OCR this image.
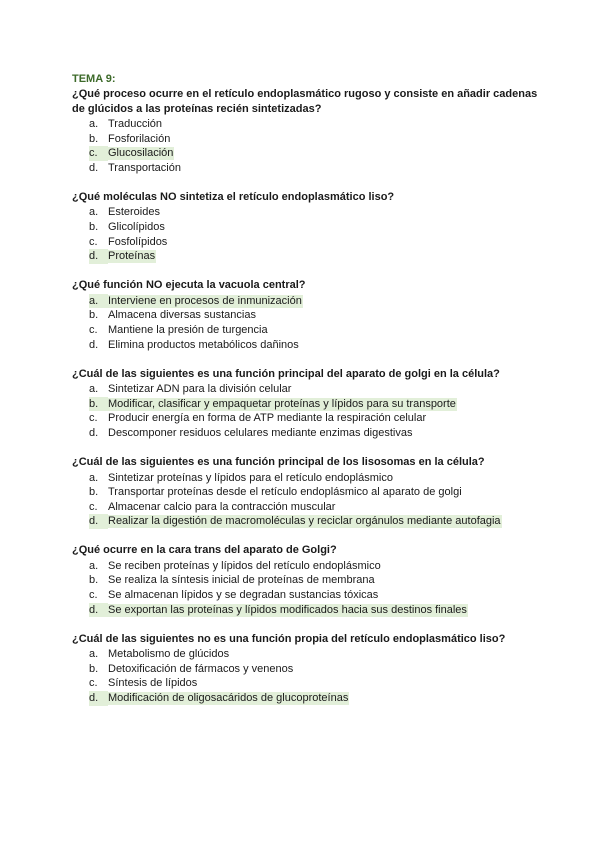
TEMA 9:
¿Qué proceso ocurre en el retículo endoplasmático rugoso y consiste en añadir cadenas de glúcidos a las proteínas recién sintetizadas?
a. Traducción
b. Fosforilación
c. Glucosilación
d. Transportación
¿Qué moléculas NO sintetiza el retículo endoplasmático liso?
a. Esteroides
b. Glicolípidos
c. Fosfolípidos
d. Proteínas
¿Qué función NO ejecuta la vacuola central?
a. Interviene en procesos de inmunización
b. Almacena diversas sustancias
c. Mantiene la presión de turgencia
d. Elimina productos metabólicos dañinos
¿Cuál de las siguientes es una función principal del aparato de golgi en la célula?
a. Sintetizar ADN para la división celular
b. Modificar, clasificar y empaquetar proteínas y lípidos para su transporte
c. Producir energía en forma de ATP mediante la respiración celular
d. Descomponer residuos celulares mediante enzimas digestivas
¿Cuál de las siguientes es una función principal de los lisosomas en la célula?
a. Sintetizar proteínas y lípidos para el retículo endoplásmico
b. Transportar proteínas desde el retículo endoplásmico al aparato de golgi
c. Almacenar calcio para la contracción muscular
d. Realizar la digestión de macromoléculas y reciclar orgánulos mediante autofagia
¿Qué ocurre en la cara trans del aparato de Golgi?
a. Se reciben proteínas y lípidos del retículo endoplásmico
b. Se realiza la síntesis inicial de proteínas de membrana
c. Se almacenan lípidos y se degradan sustancias tóxicas
d. Se exportan las proteínas y lípidos modificados hacia sus destinos finales
¿Cuál de las siguientes no es una función propia del retículo endoplasmático liso?
a. Metabolismo de glúcidos
b. Detoxificación de fármacos y venenos
c. Síntesis de lípidos
d. Modificación de oligosacáridos de glucoproteínas
